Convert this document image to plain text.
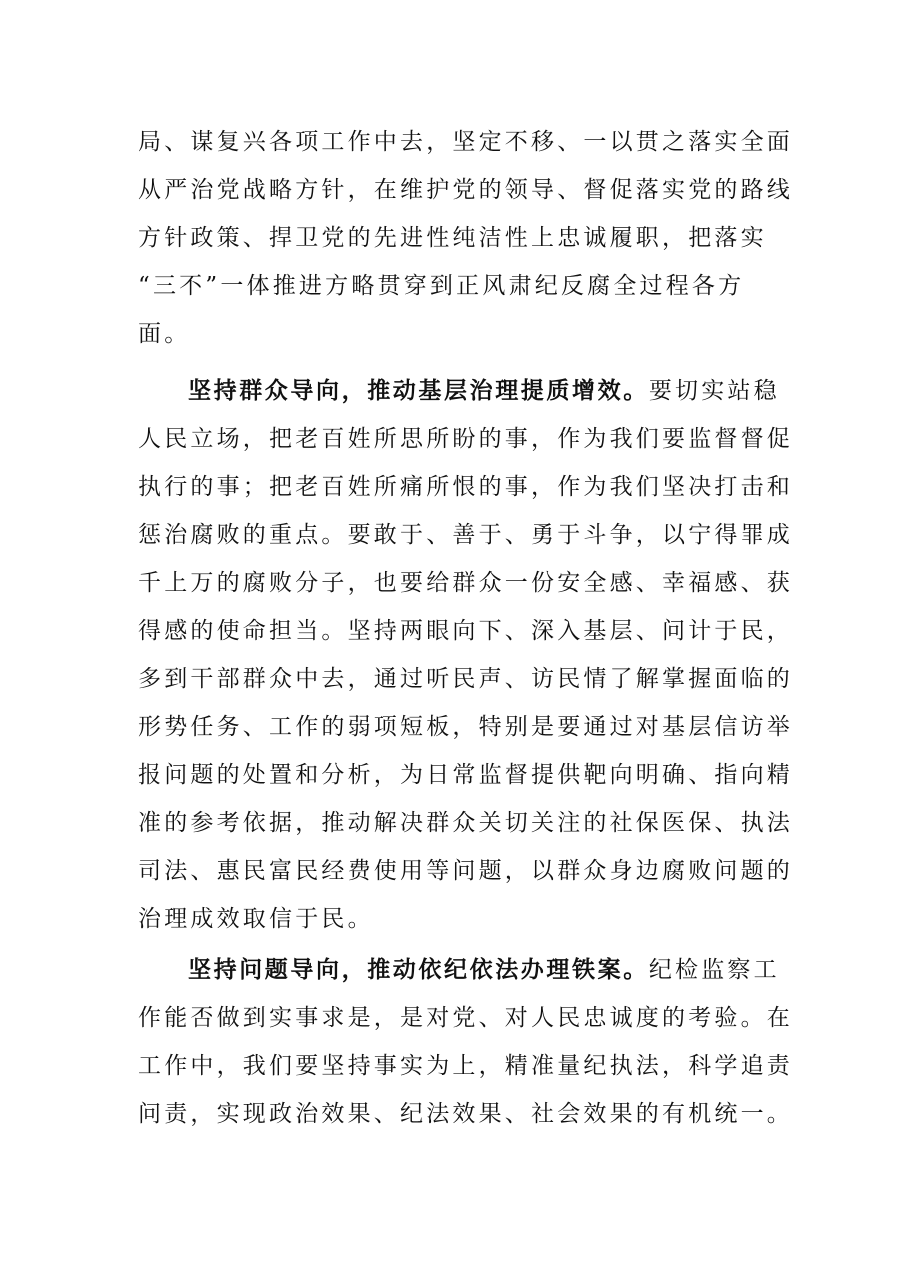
局、谋复兴各项工作中去，坚定不移、一以贯之落实全面
从严治党战略方针，在维护党的领导、督促落实党的路线
方针政策、捍卫党的先进性纯洁性上忠诚履职，把落实
“三不”一体推进方略贯穿到正风肃纪反腐全过程各方
面。
坚持群众导向，推动基层治理提质增效。要切实站稳
人民立场，把老百姓所思所盼的事，作为我们要监督督促
执行的事；把老百姓所痛所恨的事，作为我们坚决打击和
惩治腐败的重点。要敢于、善于、勇于斗争，以宁得罪成
千上万的腐败分子，也要给群众一份安全感、幸福感、获
得感的使命担当。坚持两眼向下、深入基层、问计于民，
多到干部群众中去，通过听民声、访民情了解掌握面临的
形势任务、工作的弱项短板，特别是要通过对基层信访举
报问题的处置和分析，为日常监督提供靶向明确、指向精
准的参考依据，推动解决群众关切关注的社保医保、执法
司法、惠民富民经费使用等问题，以群众身边腐败问题的
治理成效取信于民。
坚持问题导向，推动依纪依法办理铁案。纪检监察工
作能否做到实事求是，是对党、对人民忠诚度的考验。在
工作中，我们要坚持事实为上，精准量纪执法，科学追责
问责，实现政治效果、纪法效果、社会效果的有机统一。
